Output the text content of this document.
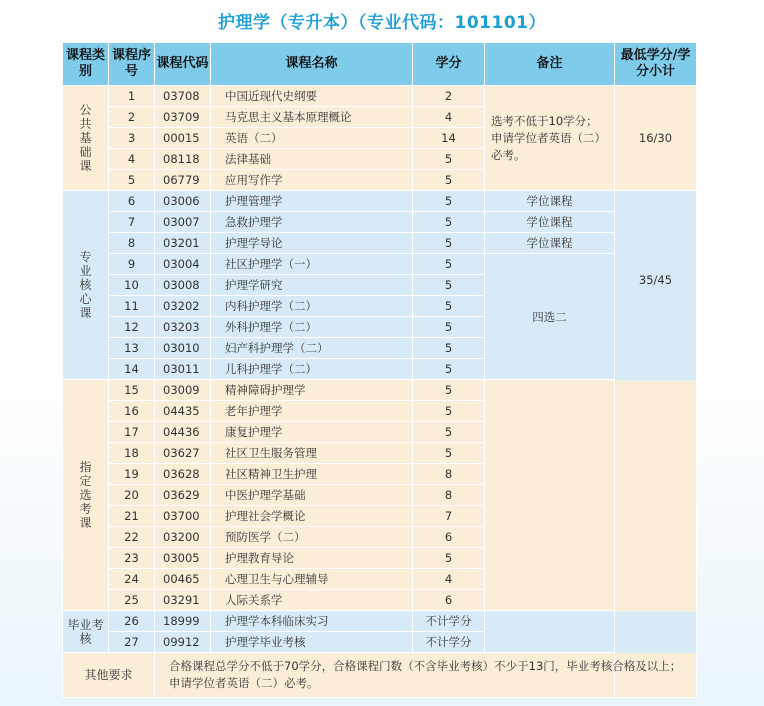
护理学（专升本）（专业代码：101101）
课程类别	课程序号	课程代码	课程名称	学分	备注	最低学分/学分小计

公共基础课	1	03708	中国近现代史纲要	2	选考不低于10学分；申请学位者英语（二）必考。	16/30
	2	03709	马克思主义基本原理概论	4		
	3	00015	英语（二）	14		
	4	08118	法律基础	5		
	5	06779	应用写作学	5		

专业核心课	6	03006	护理管理学	5	学位课程	35/45
	7	03007	急救护理学	5	学位课程	
	8	03201	护理学导论	5	学位课程	
	9	03004	社区护理学（一）	5	四选二	
	10	03008	护理学研究	5		
	11	03202	内科护理学（二）	5		
	12	03203	外科护理学（二）	5		
	13	03010	妇产科护理学（二）	5		
	14	03011	儿科护理学（二）	5		

指定选考课	15	03009	精神障碍护理学	5		
	16	04435	老年护理学	5		
	17	04436	康复护理学	5		
	18	03627	社区卫生服务管理	5		
	19	03628	社区精神卫生护理	8		
	20	03629	中医护理学基础	8		
	21	03700	护理社会学概论	7		
	22	03200	预防医学（二）	6		
	23	03005	护理教育导论	5		
	24	00465	心理卫生与心理辅导	4		
	25	03291	人际关系学	6		

毕业考核	26	18999	护理学本科临床实习	不计学分		
	27	09912	护理学毕业考核	不计学分		
其他要求		合格课程总学分不低于70学分，合格课程门数（不含毕业考核）不少于13门，毕业考核合格及以上；申请学位者英语（二）必考。				
